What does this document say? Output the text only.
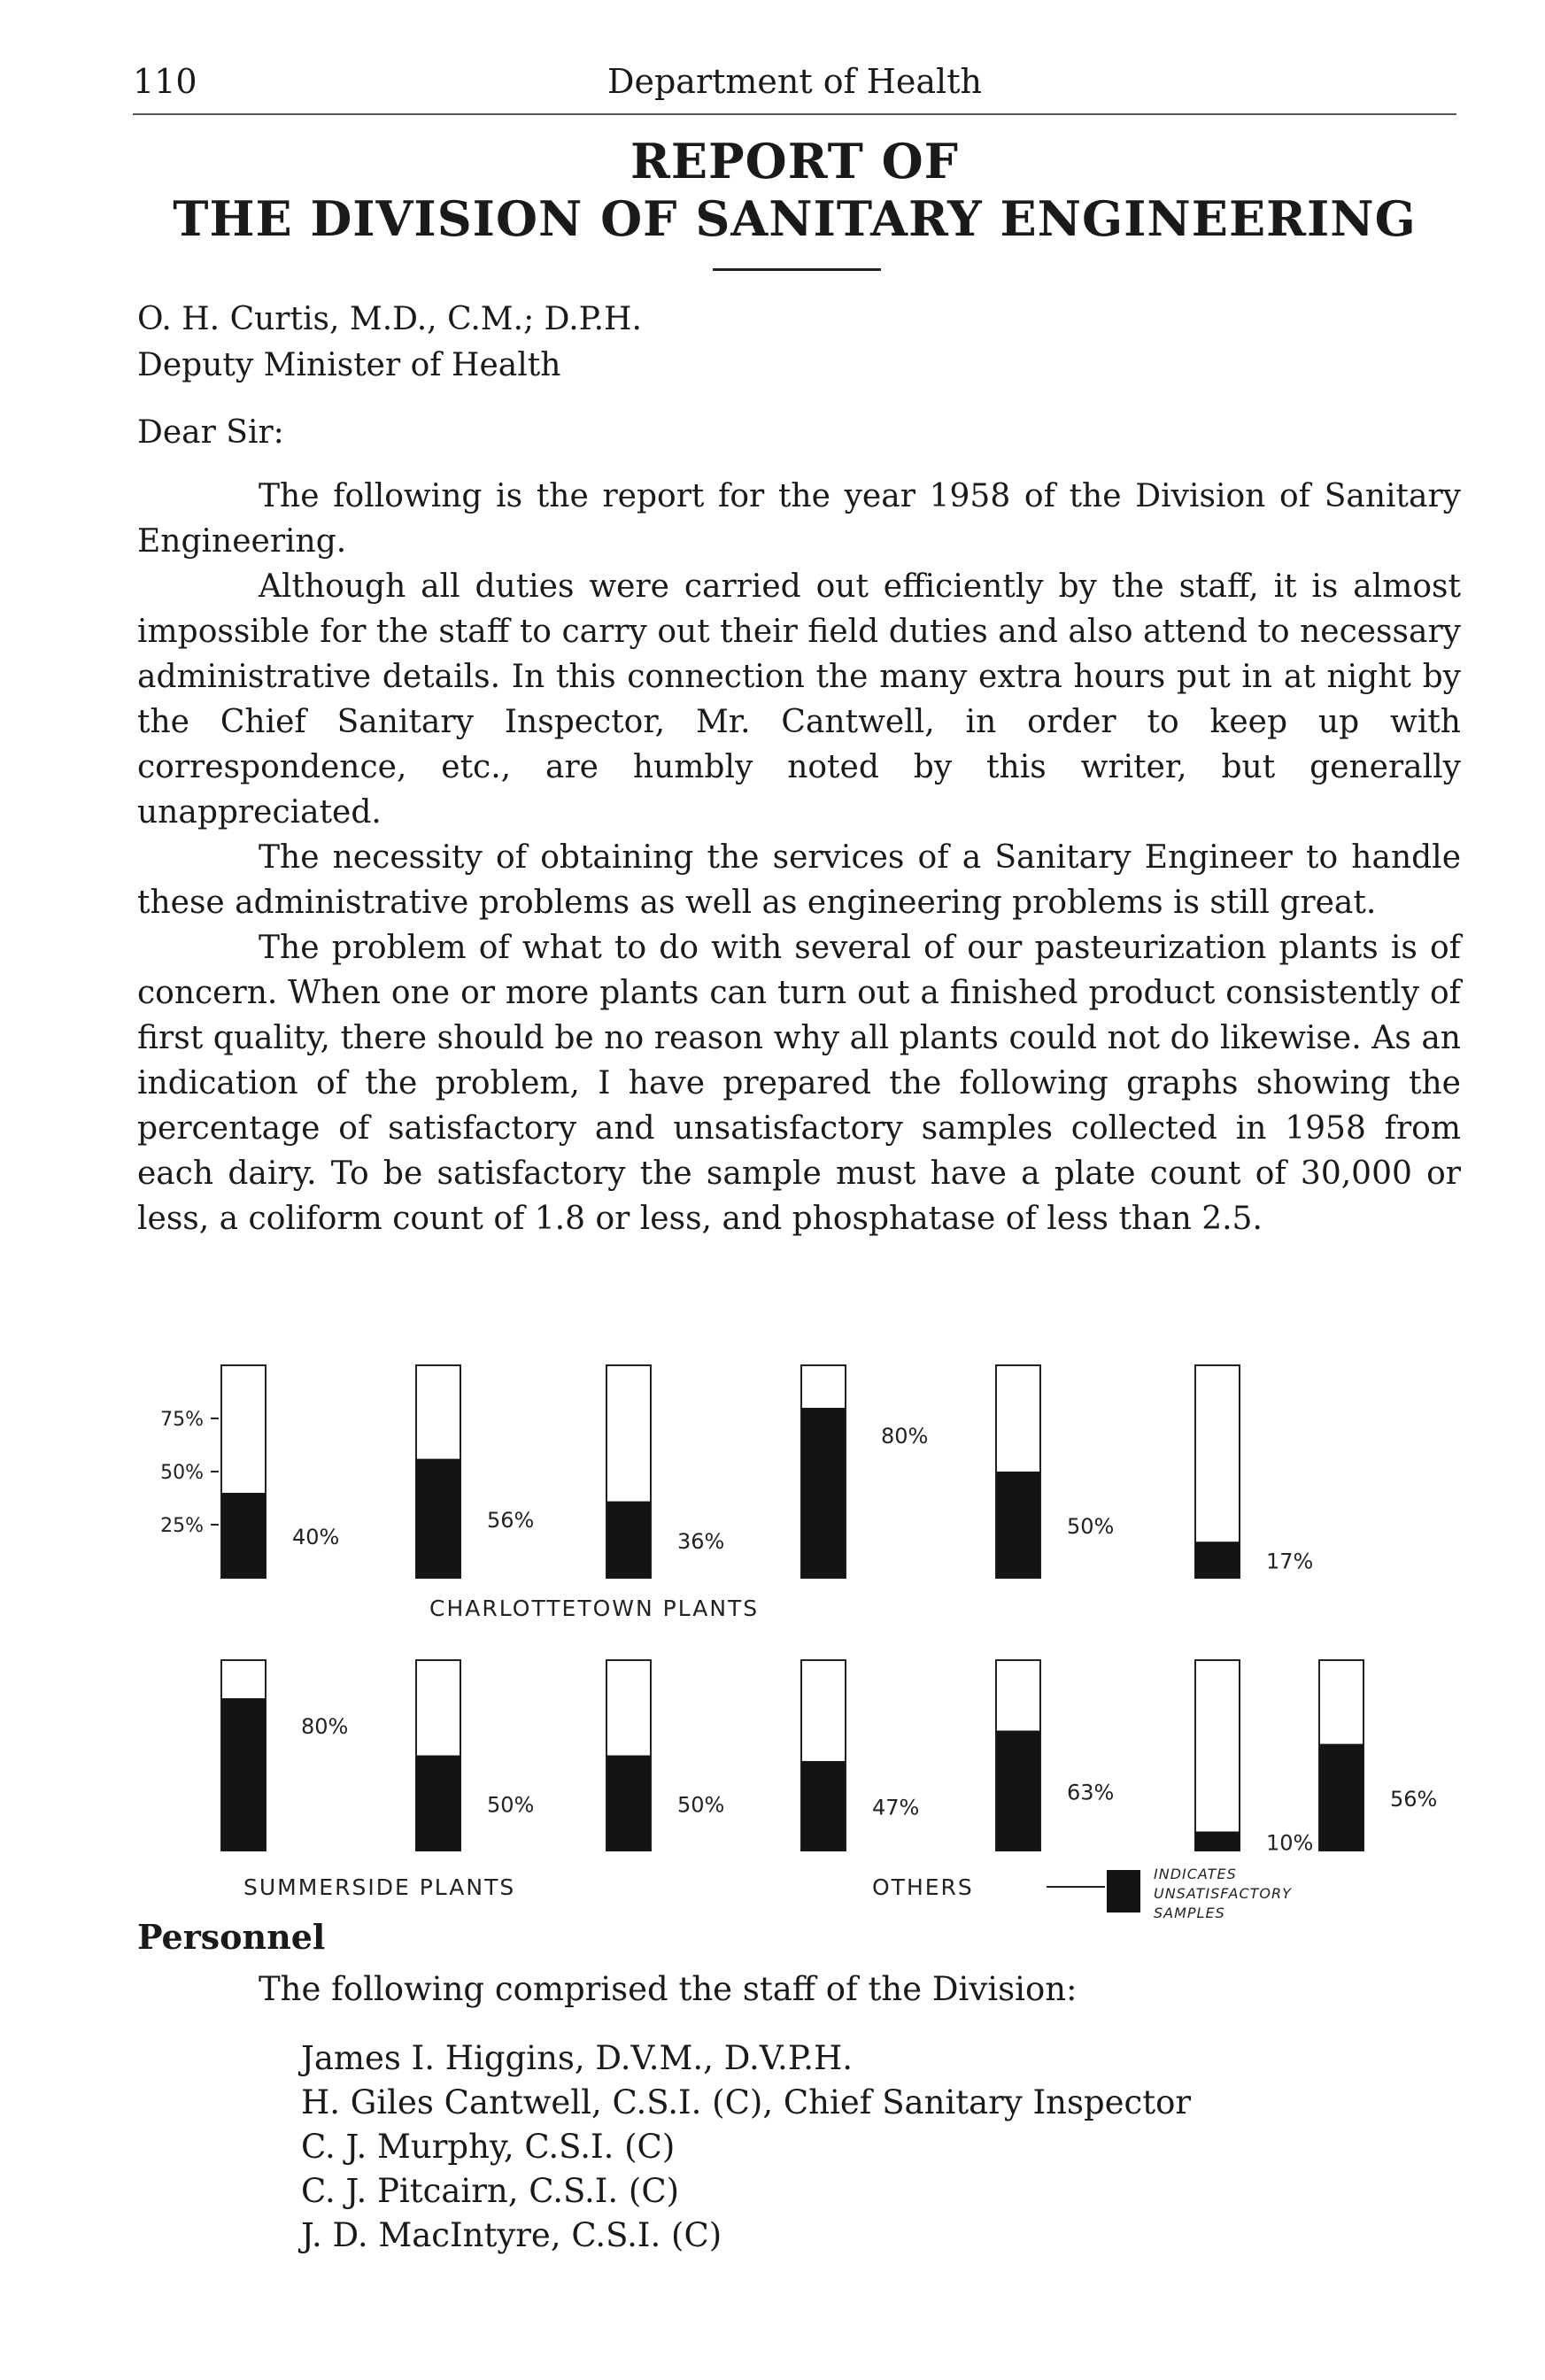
110	Department of Health
REPORT OF
THE DIVISION OF SANITARY ENGINEERING
O. H. Curtis, M.D., C.M.; D.P.H.
Deputy Minister of Health
Dear Sir:

The following is the report for the year 1958 of the Division of Sanitary Engineering.

Although all duties were carried out efficiently by the staff, it is almost impossible for the staff to carry out their field duties and also attend to necessary administrative details. In this connection the many extra hours put in at night by the Chief Sanitary Inspector, Mr. Cantwell, in order to keep up with correspondence, etc., are humbly noted by this writer, but generally unappreciated.

The necessity of obtaining the services of a Sanitary Engineer to handle these administrative problems as well as engineering problems is still great.

The problem of what to do with several of our pasteurization plants is of concern. When one or more plants can turn out a finished product consistently of first quality, there should be no reason why all plants could not do likewise. As an indication of the problem, I have prepared the following graphs showing the percentage of satisfactory and unsatisfactory samples collected in 1958 from each dairy. To be satisfactory the sample must have a plate count of 30,000 or less, a coliform count of 1.8 or less, and phosphatase of less than 2.5.

75%
50%
25%	40%
56%
36%
80%
50%
17%
CHARLOTTETOWN PLANTS
80%
50%	50%
SUMMERSIDE PLANTS
47%
63%
10%
56%
OTHERS
INDICATES
UNSATISFACTORY
SAMPLES
Personnel
The following comprised the staff of the Division:
James I. Higgins, D.V.M., D.V.P.H.
H. Giles Cantwell, C.S.I. (C), Chief Sanitary Inspector
C. J. Murphy, C.S.I. (C)
C. J. Pitcairn, C.S.I. (C)
J. D. MacIntyre, C.S.I. (C)
